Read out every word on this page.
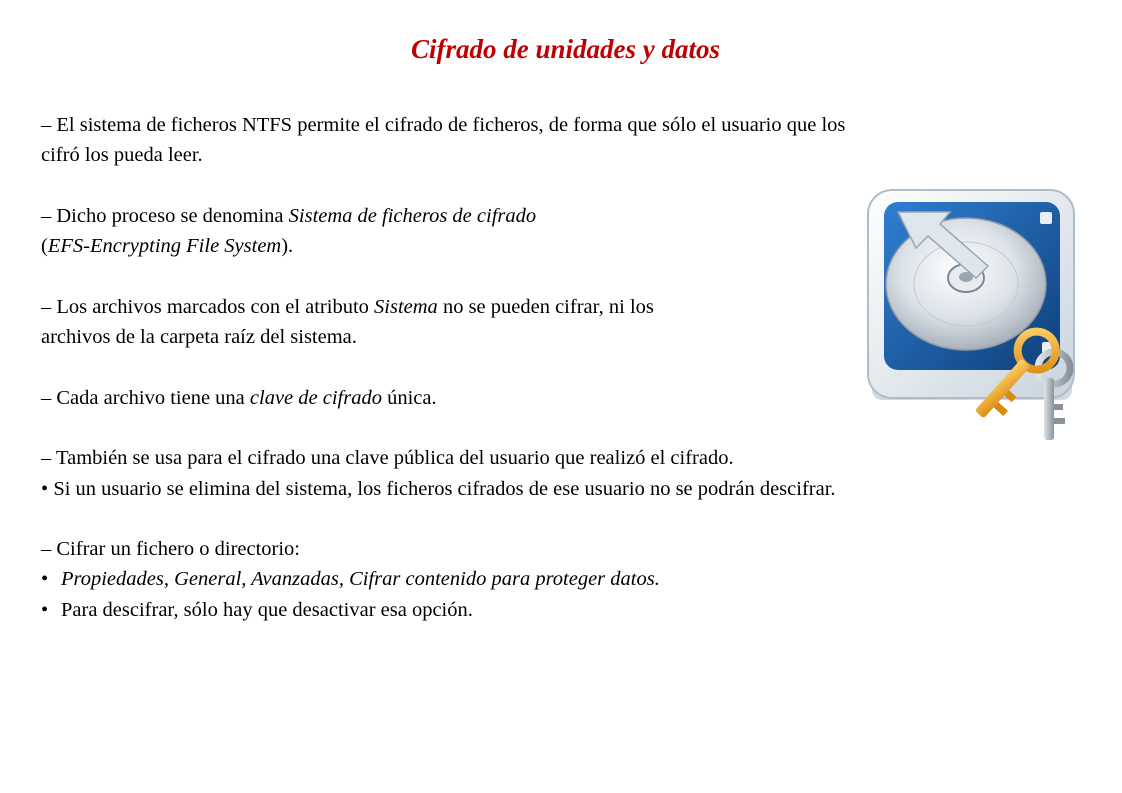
Cifrado de unidades y datos
– El sistema de ficheros NTFS permite el cifrado de ficheros, de forma que sólo el usuario que los
cifró los pueda leer.
– Dicho proceso se denomina Sistema de ficheros de cifrado
(EFS-Encrypting File System).
– Los archivos marcados con el atributo Sistema no se pueden cifrar, ni los
archivos de la carpeta raíz del sistema.
– Cada archivo tiene una clave de cifrado única.
– También se usa para el cifrado una clave pública del usuario que realizó el cifrado.
• Si un usuario se elimina del sistema, los ficheros cifrados de ese usuario no se podrán descifrar.
– Cifrar un fichero o directorio:
• Propiedades, General, Avanzadas, Cifrar contenido para proteger datos.
• Para descifrar, sólo hay que desactivar esa opción.
